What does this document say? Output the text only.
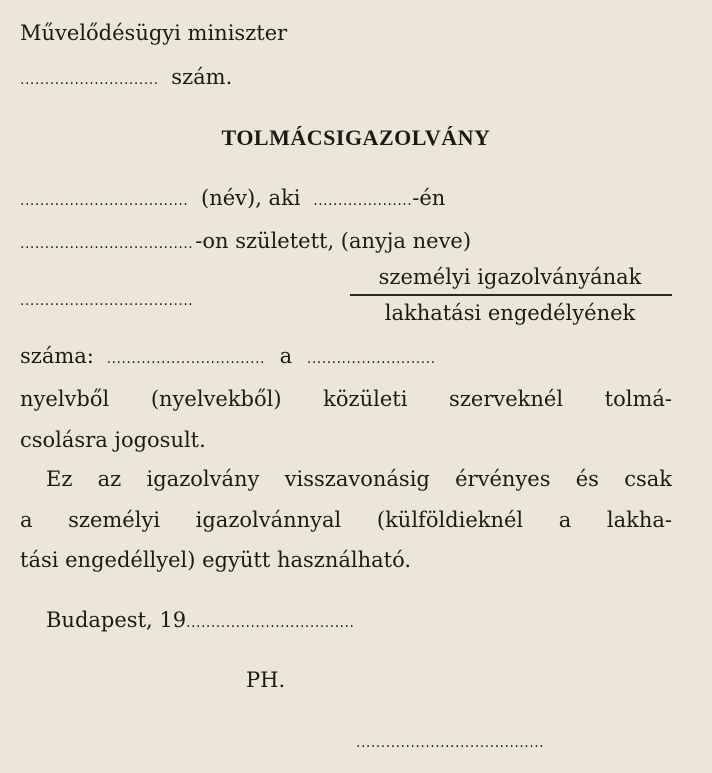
Művelődésügyi miniszter
............................ szám.
TOLMÁCSIGAZOLVÁNY
.................................. (név), aki ....................-én
...................................-on született, (anyja neve)
...................................
személyi igazolványának
lakhatási engedélyének
száma: ................................ a ..........................
nyelvből (nyelvekből) közületi szerveknél tolmá-
csolásra jogosult.
Ez az igazolvány visszavonásig érvényes és csak
a személyi igazolvánnyal (külföldieknél a lakha-
tási engedéllyel) együtt használható.
Budapest, 19..................................
PH.
......................................
